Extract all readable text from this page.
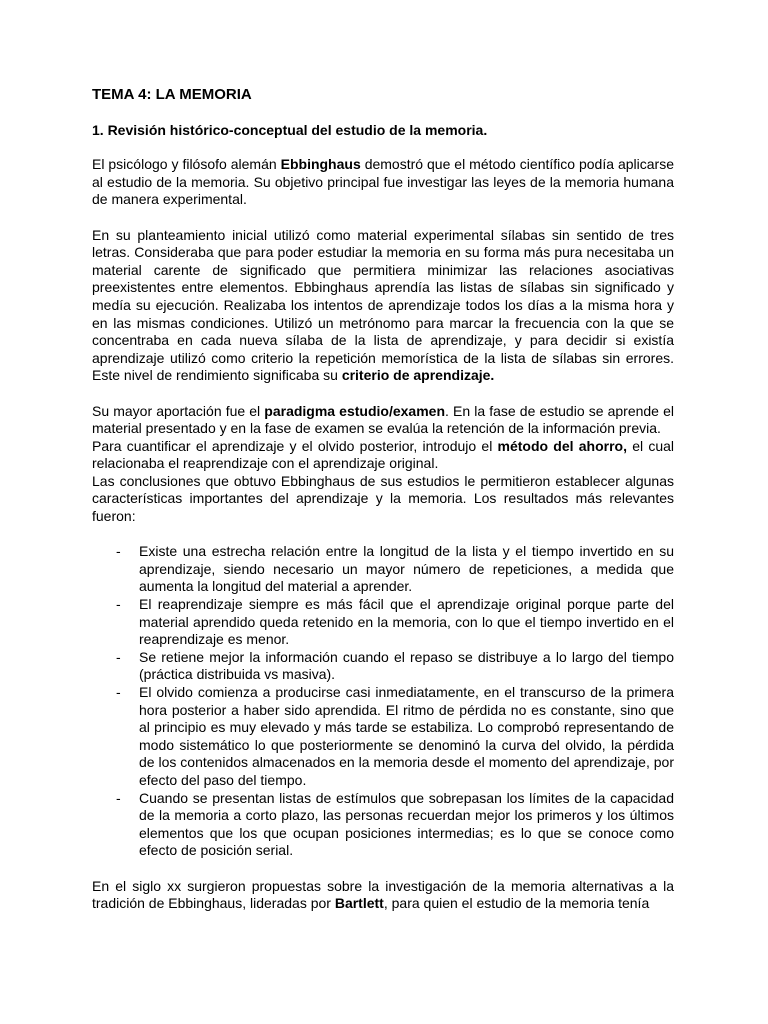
TEMA 4: LA MEMORIA
1. Revisión histórico-conceptual del estudio de la memoria.

El psicólogo y filósofo alemán Ebbinghaus demostró que el método científico podía aplicarse al estudio de la memoria. Su objetivo principal fue investigar las leyes de la memoria humana de manera experimental.

En su planteamiento inicial utilizó como material experimental sílabas sin sentido de tres letras. Consideraba que para poder estudiar la memoria en su forma más pura necesitaba un material carente de significado que permitiera minimizar las relaciones asociativas preexistentes entre elementos. Ebbinghaus aprendía las listas de sílabas sin significado y medía su ejecución. Realizaba los intentos de aprendizaje todos los días a la misma hora y en las mismas condiciones. Utilizó un metrónomo para marcar la frecuencia con la que se concentraba en cada nueva sílaba de la lista de aprendizaje, y para decidir si existía aprendizaje utilizó como criterio la repetición memorística de la lista de sílabas sin errores. Este nivel de rendimiento significaba su criterio de aprendizaje.

Su mayor aportación fue el paradigma estudio/examen. En la fase de estudio se aprende el material presentado y en la fase de examen se evalúa la retención de la información previa.

Para cuantificar el aprendizaje y el olvido posterior, introdujo el método del ahorro, el cual relacionaba el reaprendizaje con el aprendizaje original.

Las conclusiones que obtuvo Ebbinghaus de sus estudios le permitieron establecer algunas características importantes del aprendizaje y la memoria. Los resultados más relevantes fueron:

- Existe una estrecha relación entre la longitud de la lista y el tiempo invertido en su aprendizaje, siendo necesario un mayor número de repeticiones, a medida que aumenta la longitud del material a aprender.
- El reaprendizaje siempre es más fácil que el aprendizaje original porque parte del material aprendido queda retenido en la memoria, con lo que el tiempo invertido en el reaprendizaje es menor.
- Se retiene mejor la información cuando el repaso se distribuye a lo largo del tiempo (práctica distribuida vs masiva).
- El olvido comienza a producirse casi inmediatamente, en el transcurso de la primera hora posterior a haber sido aprendida. El ritmo de pérdida no es constante, sino que al principio es muy elevado y más tarde se estabiliza. Lo comprobó representando de modo sistemático lo que posteriormente se denominó la curva del olvido, la pérdida de los contenidos almacenados en la memoria desde el momento del aprendizaje, por efecto del paso del tiempo.
- Cuando se presentan listas de estímulos que sobrepasan los límites de la capacidad de la memoria a corto plazo, las personas recuerdan mejor los primeros y los últimos elementos que los que ocupan posiciones intermedias; es lo que se conoce como efecto de posición serial.

En el siglo xx surgieron propuestas sobre la investigación de la memoria alternativas a la tradición de Ebbinghaus, lideradas por Bartlett, para quien el estudio de la memoria tenía
